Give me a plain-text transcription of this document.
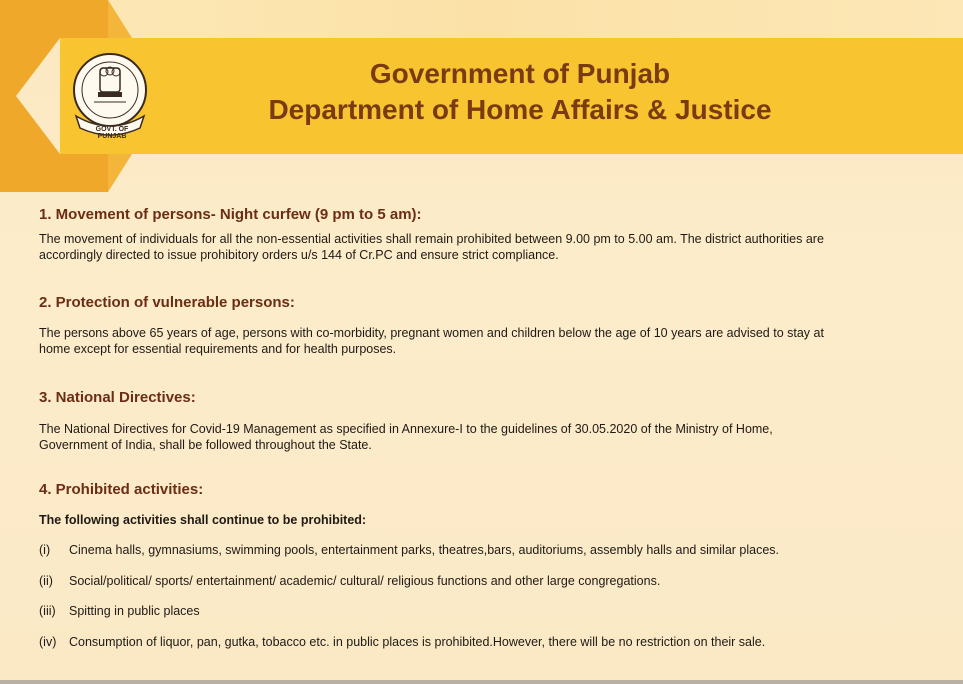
GOVT. OF PUNJAB
Government of Punjab
Department of Home Affairs & Justice
1. Movement of persons- Night curfew (9 pm to 5 am):
The movement of individuals for all the non-essential activities shall remain prohibited between 9.00 pm to 5.00 am. The district authorities are
accordingly directed to issue prohibitory orders u/s 144 of Cr.PC and ensure strict compliance.
2. Protection of vulnerable persons:
The persons above 65 years of age, persons with co-morbidity, pregnant women and children below the age of 10 years are advised to stay at
home except for essential requirements and for health purposes.
3. National Directives:
The National Directives for Covid-19 Management as specified in Annexure-I to the guidelines of 30.05.2020 of the Ministry of Home,
Government of India, shall be followed throughout the State.
4. Prohibited activities:
The following activities shall continue to be prohibited:
(i) Cinema halls, gymnasiums, swimming pools, entertainment parks, theatres,bars, auditoriums, assembly halls and similar places.
(ii) Social/political/ sports/ entertainment/ academic/ cultural/ religious functions and other large congregations.
(iii) Spitting in public places
(iv) Consumption of liquor, pan, gutka, tobacco etc. in public places is prohibited.However, there will be no restriction on their sale.
